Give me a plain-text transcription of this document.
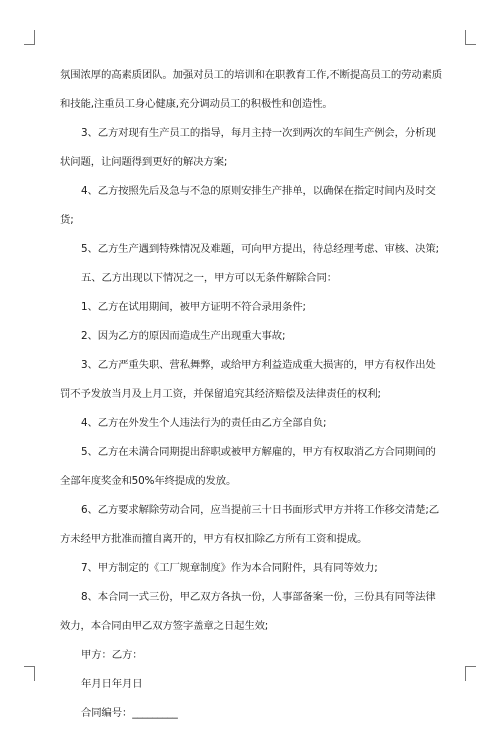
氛围浓厚的高素质团队。加强对员工的培训和在职教育工作,不断提高员工的劳动素质
和技能,注重员工身心健康,充分调动员工的积极性和创造性。
3、乙方对现有生产员工的指导，每月主持一次到两次的车间生产例会，分析现
状问题，让问题得到更好的解决方案;
4、乙方按照先后及急与不急的原则安排生产排单，以确保在指定时间内及时交
货;
5、乙方生产遇到特殊情况及难题，可向甲方提出，待总经理考虑、审核、决策;
五、乙方出现以下情况之一，甲方可以无条件解除合同：
1、乙方在试用期间，被甲方证明不符合录用条件;
2、因为乙方的原因而造成生产出现重大事故;
3、乙方严重失职、营私舞弊，或给甲方利益造成重大损害的，甲方有权作出处
罚不予发放当月及上月工资，并保留追究其经济赔偿及法律责任的权利;
4、乙方在外发生个人违法行为的责任由乙方全部自负;
5、乙方在未满合同期提出辞职或被甲方解雇的，甲方有权取消乙方合同期间的
全部年度奖金和50%年终提成的发放。
6、乙方要求解除劳动合同，应当提前三十日书面形式甲方并将工作移交清楚;乙
方未经甲方批准而擅自离开的，甲方有权扣除乙方所有工资和提成。
7、甲方制定的《工厂规章制度》作为本合同附件，具有同等效力;
8、本合同一式三份，甲乙双方各执一份，人事部备案一份，三份具有同等法律
效力，本合同由甲乙双方签字盖章之日起生效;
甲方：乙方：
年月日年月日
合同编号：_________
